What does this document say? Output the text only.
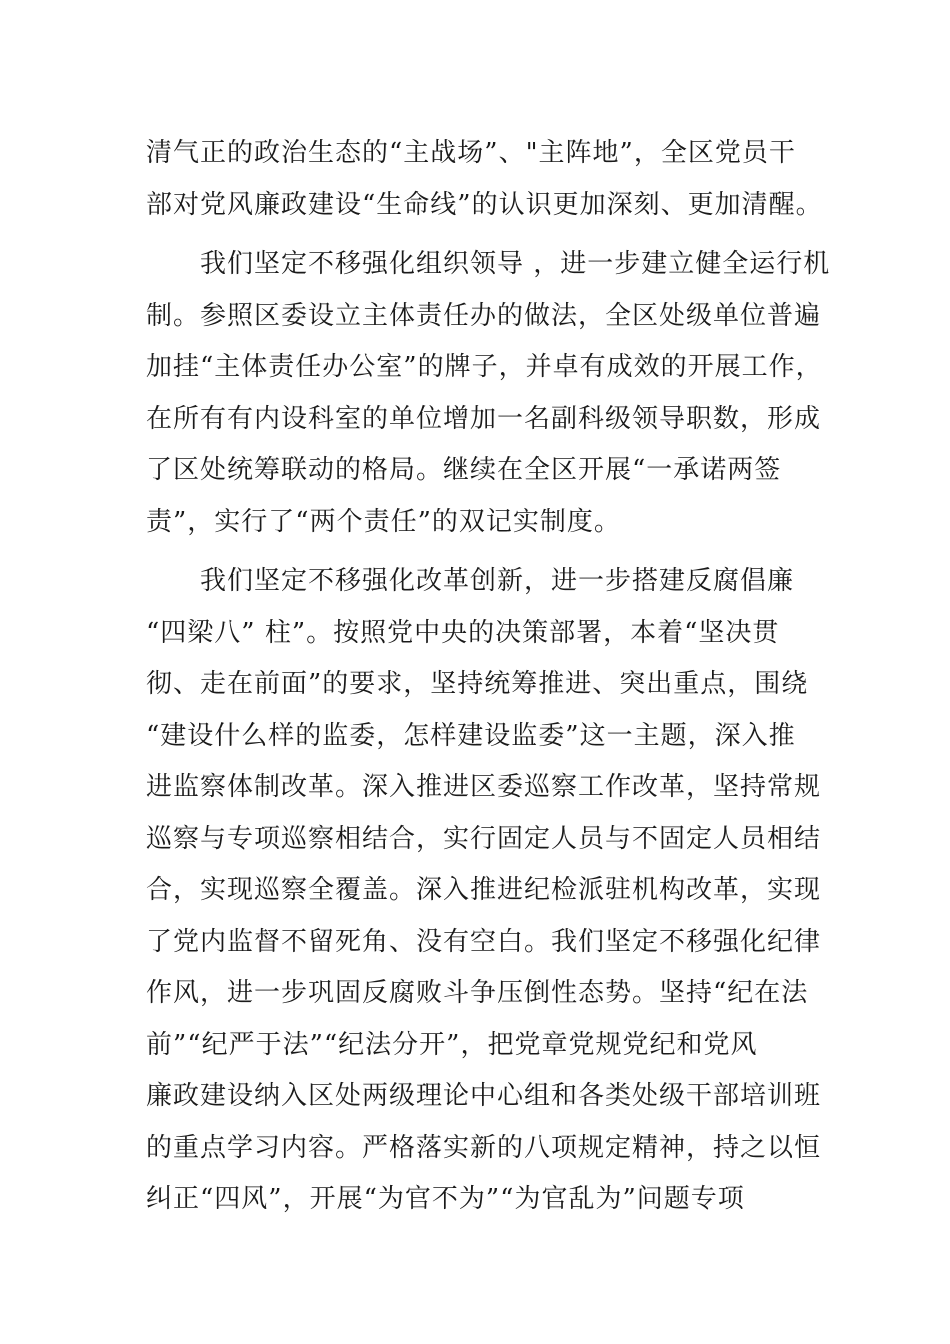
清气正的政治生态的“主战场”、"主阵地”，全区党员干
部对党风廉政建设“生命线”的认识更加深刻、更加清醒。
　　我们坚定不移强化组织领导 ，进一步建立健全运行机
制。参照区委设立主体责任办的做法，全区处级单位普遍
加挂“主体责任办公室”的牌子，并卓有成效的开展工作，
在所有有内设科室的单位增加一名副科级领导职数，形成
了区处统筹联动的格局。继续在全区开展“一承诺两签
责”，实行了“两个责任”的双记实制度。
　　我们坚定不移强化改革创新，进一步搭建反腐倡廉
“四梁八” 柱”。按照党中央的决策部署，本着“坚决贯
彻、走在前面”的要求，坚持统筹推进、突出重点，围绕
“建设什么样的监委，怎样建设监委”这一主题，深入推
进监察体制改革。深入推进区委巡察工作改革，坚持常规
巡察与专项巡察相结合，实行固定人员与不固定人员相结
合，实现巡察全覆盖。深入推进纪检派驻机构改革，实现
了党内监督不留死角、没有空白。我们坚定不移强化纪律
作风，进一步巩固反腐败斗争压倒性态势。坚持“纪在法
前”“纪严于法”“纪法分开”，把党章党规党纪和党风
廉政建设纳入区处两级理论中心组和各类处级干部培训班
的重点学习内容。严格落实新的八项规定精神，持之以恒
纠正“四风”，开展“为官不为”“为官乱为”问题专项
